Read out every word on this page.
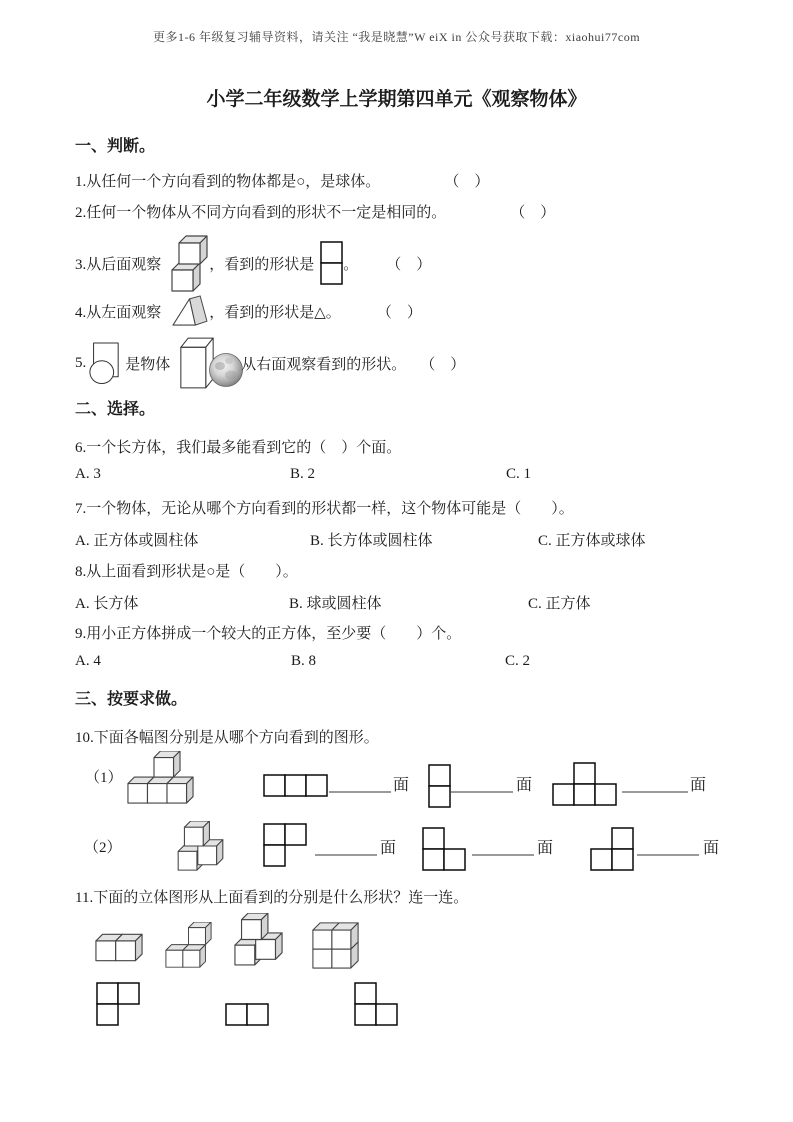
更多1-6 年级复习辅导资料，请关注 “我是晓慧”W eiX in 公众号获取下载：xiaohui77com
小学二年级数学上学期第四单元《观察物体》
一、判断。
1.从任何一个方向看到的物体都是○，是球体。	（　）
2.任何一个物体从不同方向看到的形状不一定是相同的。	（　）
3.从后面观察	，看到的形状是 。 （　）
4.从左面观察	，看到的形状是△。 （　）
5.	是物体	从右面观察看到的形状。 （　）
二、选择。
6.一个长方体，我们最多能看到它的（　）个面。
A. 3	B. 2	C. 1
7.一个物体，无论从哪个方向看到的形状都一样，这个物体可能是（　　）。
A. 正方体或圆柱体	B. 长方体或圆柱体	C. 正方体或球体
8.从上面看到形状是○是（　　）。
A. 长方体	B. 球或圆柱体	C. 正方体
9.用小正方体拼成一个较大的正方体，至少要（　　）个。
A. 4	B. 8	C. 2
三、按要求做。
10.下面各幅图分别是从哪个方向看到的图形。
（1）	面	面	面
（2）	面	面	面
11.下面的立体图形从上面看到的分别是什么形状？连一连。
